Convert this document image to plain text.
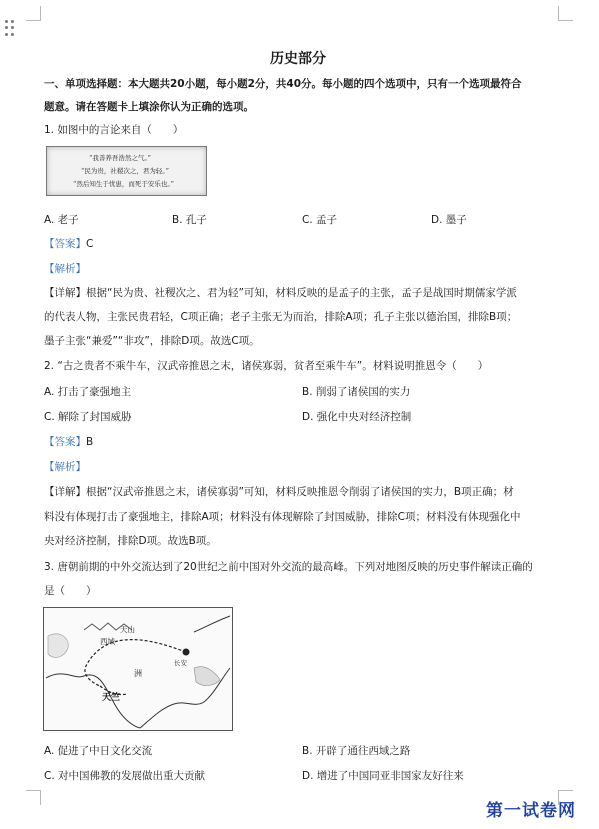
历史部分
一、单项选择题：本大题共20小题，每小题2分，共40分。每小题的四个选项中，只有一个选项最符合
题意。请在答题卡上填涂你认为正确的选项。
1. 如图中的言论来自（　　）
“我善养吾浩然之气。”
“民为贵，社稷次之，君为轻。”
“然后知生于忧患，而死于安乐也。”
A. 老子	B. 孔子	C. 孟子	D. 墨子
【答案】C
【解析】
【详解】根据“民为贵、社稷次之、君为轻”可知，材料反映的是孟子的主张，孟子是战国时期儒家学派
的代表人物，主张民贵君轻，C项正确；老子主张无为而治，排除A项；孔子主张以德治国，排除B项；
墨子主张“兼爱”“非攻”，排除D项。故选C项。
2. “古之贵者不乘牛车，汉武帝推恩之末，诸侯寡弱，贫者至乘牛车”。材料说明推恩令（　　）
A. 打击了豪强地主	B. 削弱了诸侯国的实力
C. 解除了封国威胁	D. 强化中央对经济控制
【答案】B
【解析】
【详解】根据“汉武帝推恩之末，诸侯寡弱”可知，材料反映推恩令削弱了诸侯国的实力，B项正确；材
料没有体现打击了豪强地主，排除A项；材料没有体现解除了封国威胁，排除C项；材料没有体现强化中
央对经济控制，排除D项。故选B项。
3. 唐朝前期的中外交流达到了20世纪之前中国对外交流的最高峰。下列对地图反映的历史事件解读正确的
是（　　）
天山
西域
长安
天竺
洲
A. 促进了中日文化交流	B. 开辟了通往西域之路
C. 对中国佛教的发展做出重大贡献	D. 增进了中国同亚非国家友好往来
第一试卷网
